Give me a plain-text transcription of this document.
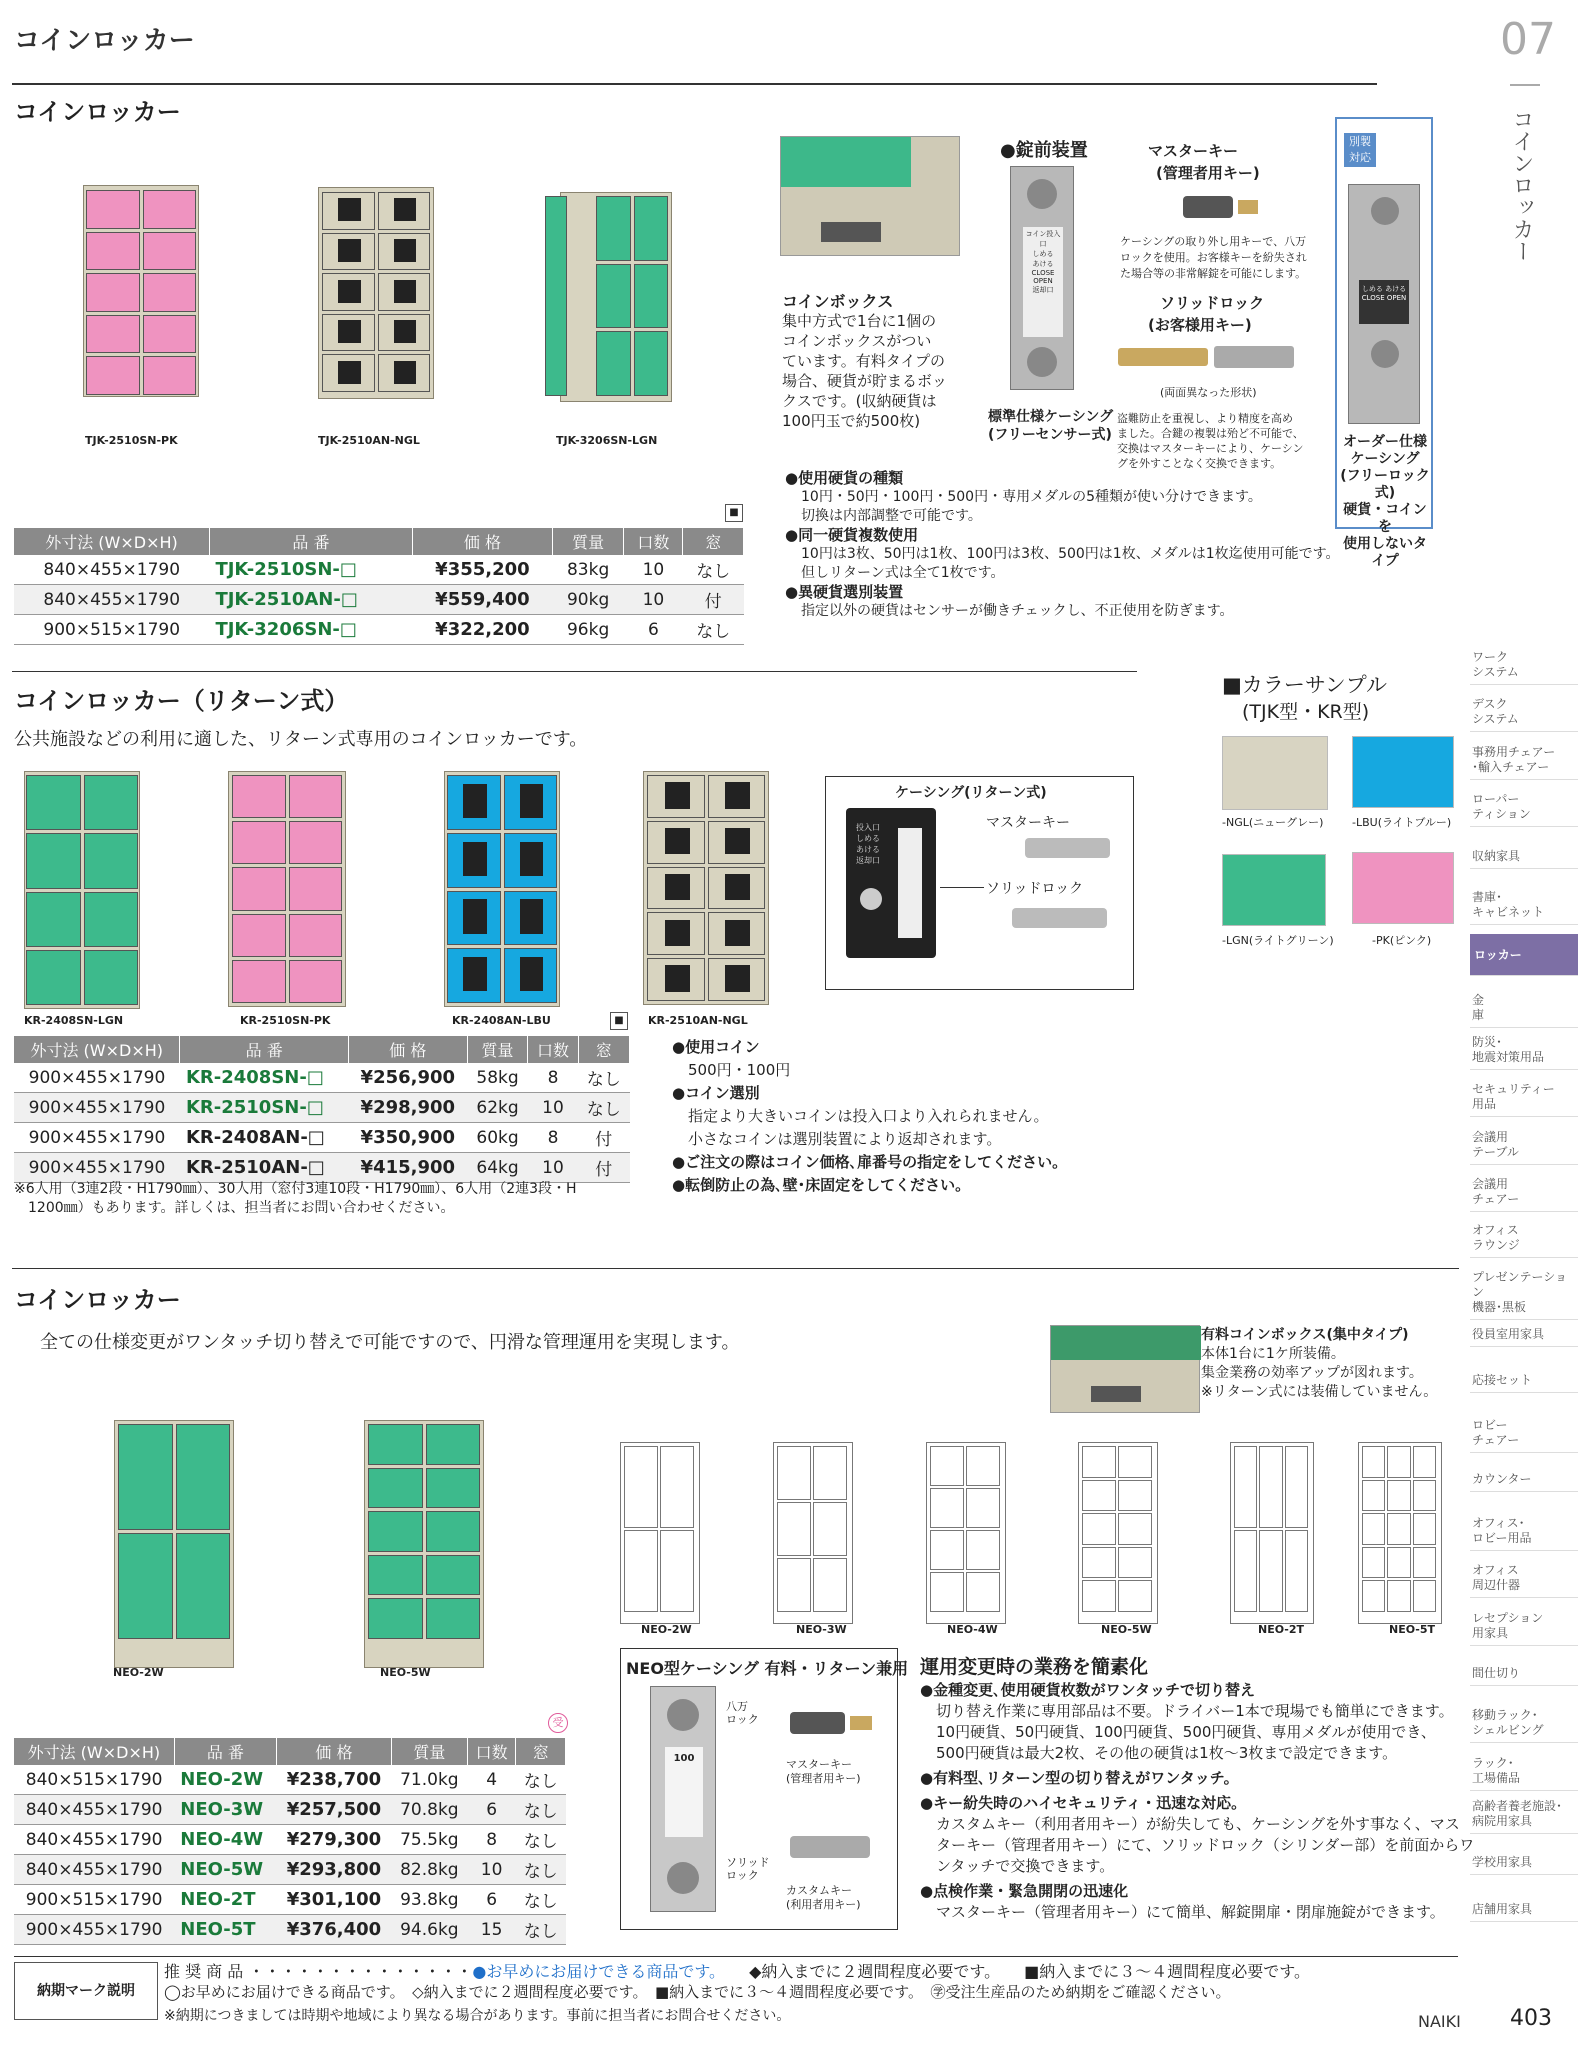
コインロッカー	07
コインロッカー
コインロッカー
TJK-2510SN-PK	TJK-2510AN-NGL	TJK-3206SN-LGN
■
外寸法 (W×D×H)	品 番	価 格	質量	口数	窓
840×455×1790	TJK-2510SN-□	¥355,200	83kg	10	なし
840×455×1790	TJK-2510AN-□	¥559,400	90kg	10	付
900×515×1790	TJK-3206SN-□	¥322,200	96kg	6	なし
コインボックス
集中方式で1台に1個の
コインボックスがつい
ています。有料タイプの
場合、硬貨が貯まるボッ
クスです。(収納硬貨は
100円玉で約500枚)
●錠前装置
コイン投入口
しめる
あける
CLOSE
OPEN
返却口
マスターキー
(管理者用キー)
ケーシングの取り外し用キーで、八万
ロックを使用。お客様キーを紛失され
た場合等の非常解錠を可能にします。
ソリッドロック
(お客様用キー)
(両面異なった形状)
標準仕様ケーシング
(フリーセンサー式)
盗難防止を重視し、より精度を高め
ました。合鍵の複製は殆ど不可能で、
交換はマスターキーにより、ケーシン
グを外すことなく交換できます。
別製
対応
しめる あける
CLOSE OPEN
オーダー仕様
ケーシング
(フリーロック式)
硬貨・コインを
使用しないタイプ
●使用硬貨の種類
10円・50円・100円・500円・専用メダルの5種類が使い分けできます。
切換は内部調整で可能です。
●同一硬貨複数使用
10円は3枚、50円は1枚、100円は3枚、500円は1枚、メダルは1枚迄使用可能です。
但しリターン式は全て1枚です。
●異硬貨選別装置
指定以外の硬貨はセンサーが働きチェックし、不正使用を防ぎます。
コインロッカー（リターン式）
公共施設などの利用に適した、リターン式専用のコインロッカーです。
KR-2408SN-LGN	KR-2510SN-PK	KR-2408AN-LBU	KR-2510AN-NGL
■
外寸法 (W×D×H)	品 番	価 格	質量	口数	窓
900×455×1790	KR-2408SN-□	¥256,900	58kg	8	なし
900×455×1790	KR-2510SN-□	¥298,900	62kg	10	なし
900×455×1790	KR-2408AN-□	¥350,900	60kg	8	付
900×455×1790	KR-2510AN-□	¥415,900	64kg	10	付
※6人用（3連2段・H1790㎜）、30人用（窓付3連10段・H1790㎜）、6人用（2連3段・H
1200㎜）もあります。詳しくは、担当者にお問い合わせください。
ケーシング(リターン式)
投入口
しめる
あける
返却口
マスターキー
ソリッドロック
●使用コイン
500円・100円
●コイン選別
指定より大きいコインは投入口より入れられません。
小さなコインは選別装置により返却されます。
●ご注文の際はコイン価格､扉番号の指定をしてください。
●転倒防止の為､壁･床固定をしてください。
■カラーサンプル
(TJK型・KR型)
-NGL(ニューグレー)	-LBU(ライトブルー)
-LGN(ライトグリーン)	-PK(ピンク)
コインロッカー
全ての仕様変更がワンタッチ切り替えで可能ですので、円滑な管理運用を実現します。
NEO-2W	NEO-5W
有料コインボックス(集中タイプ)
本体1台に1ケ所装備。
集金業務の効率アップが図れます。
※リターン式には装備していません。
NEO-2W	NEO-3W	NEO-4W	NEO-5W	NEO-2T	NEO-5T
NEO型ケーシング 有料・リターン兼用
100
八万
ロック
マスターキー
(管理者用キー)
ソリッド
ロック
カスタムキー
(利用者用キー)
運用変更時の業務を簡素化
●金種変更､使用硬貨枚数がワンタッチで切り替え
切り替え作業に専用部品は不要。ドライバー1本で現場でも簡単にできます。
10円硬貨、50円硬貨、100円硬貨、500円硬貨、専用メダルが使用でき、
500円硬貨は最大2枚、その他の硬貨は1枚～3枚まで設定できます。
●有料型､リターン型の切り替えがワンタッチ。
●キー紛失時のハイセキュリティ・迅速な対応。
カスタムキー（利用者用キー）が紛失しても、ケーシングを外す事なく、マス
ターキー（管理者用キー）にて、ソリッドロック（シリンダー部）を前面からワ
ンタッチで交換できます。
●点検作業・緊急開閉の迅速化
マスターキー（管理者用キー）にて簡単、解錠開扉・閉扉施錠ができます。
受
外寸法 (W×D×H)	品 番	価 格	質量	口数	窓
840×515×1790	NEO-2W	¥238,700	71.0kg	4	なし
840×455×1790	NEO-3W	¥257,500	70.8kg	6	なし
840×455×1790	NEO-4W	¥279,300	75.5kg	8	なし
840×455×1790	NEO-5W	¥293,800	82.8kg	10	なし
900×515×1790	NEO-2T	¥301,100	93.8kg	6	なし
900×455×1790	NEO-5T	¥376,400	94.6kg	15	なし
納期マーク説明
推 奨 商 品 ・・・・・・・・・・・・・・●お早めにお届けできる商品です。　　 ◆納入までに２週間程度必要です。　　 ■納入までに３～４週間程度必要です。
◯お早めにお届けできる商品です。　 ◇納入までに２週間程度必要です。　 ■納入までに３～４週間程度必要です。　 ㊫受注生産品のため納期をご確認ください。
※納期につきましては時期や地域により異なる場合があります。事前に担当者にお問合せください。	NAIKI 403
ワーク
システム
デスク
システム
事務用チェアー
･輸入チェアー
ローパー
ティション
収納家具
書庫･
キャビネット
ロッカー
金
庫
防災･
地震対策用品
セキュリティー
用品
会議用
テーブル
会議用
チェアー
オフィス
ラウンジ
プレゼンテーション
機器･黒板
役員室用家具
応接セット
ロビー
チェアー
カウンター
オフィス･
ロビー用品
オフィス
周辺什器
レセプション
用家具
間仕切り
移動ラック･
シェルビング
ラック･
工場備品
高齢者養老施設･
病院用家具
学校用家具
店舗用家具
